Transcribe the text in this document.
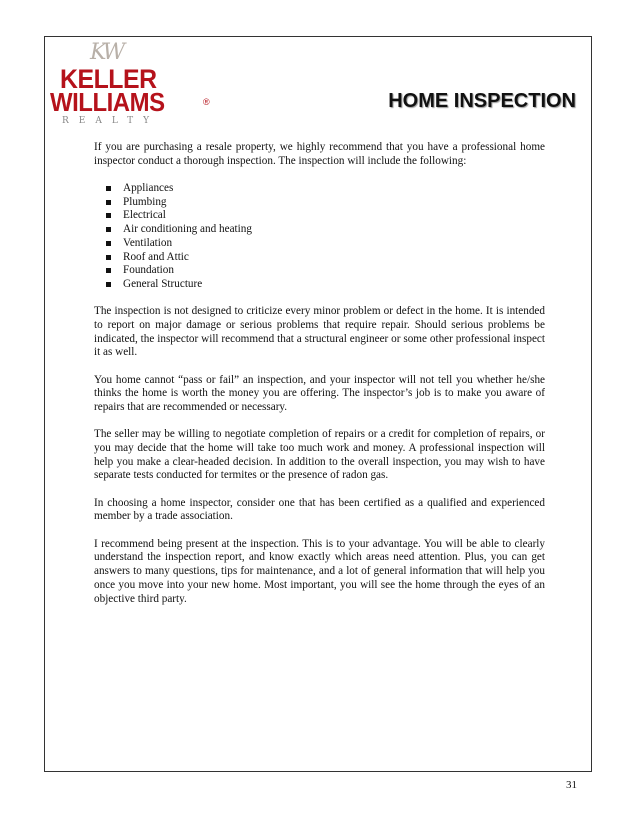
KW
KELLER
WILLIAMS	®
REALTY
HOME INSPECTION

If you are purchasing a resale property, we highly recommend that you have a professional home inspector conduct a thorough inspection. The inspection will include the following:

Appliances
Plumbing
Electrical
Air conditioning and heating
Ventilation
Roof and Attic
Foundation
General Structure

The inspection is not designed to criticize every minor problem or defect in the home. It is intended to report on major damage or serious problems that require repair. Should serious problems be indicated, the inspector will recommend that a structural engineer or some other professional inspect it as well.

You home cannot “pass or fail” an inspection, and your inspector will not tell you whether he/she thinks the home is worth the money you are offering. The inspector’s job is to make you aware of repairs that are recommended or necessary.

The seller may be willing to negotiate completion of repairs or a credit for completion of repairs, or you may decide that the home will take too much work and money. A professional inspection will help you make a clear-headed decision. In addition to the overall inspection, you may wish to have separate tests conducted for termites or the presence of radon gas.

In choosing a home inspector, consider one that has been certified as a qualified and experienced member by a trade association.

I recommend being present at the inspection. This is to your advantage. You will be able to clearly understand the inspection report, and know exactly which areas need attention. Plus, you can get answers to many questions, tips for maintenance, and a lot of general information that will help you once you move into your new home. Most important, you will see the home through the eyes of an objective third party.

31
